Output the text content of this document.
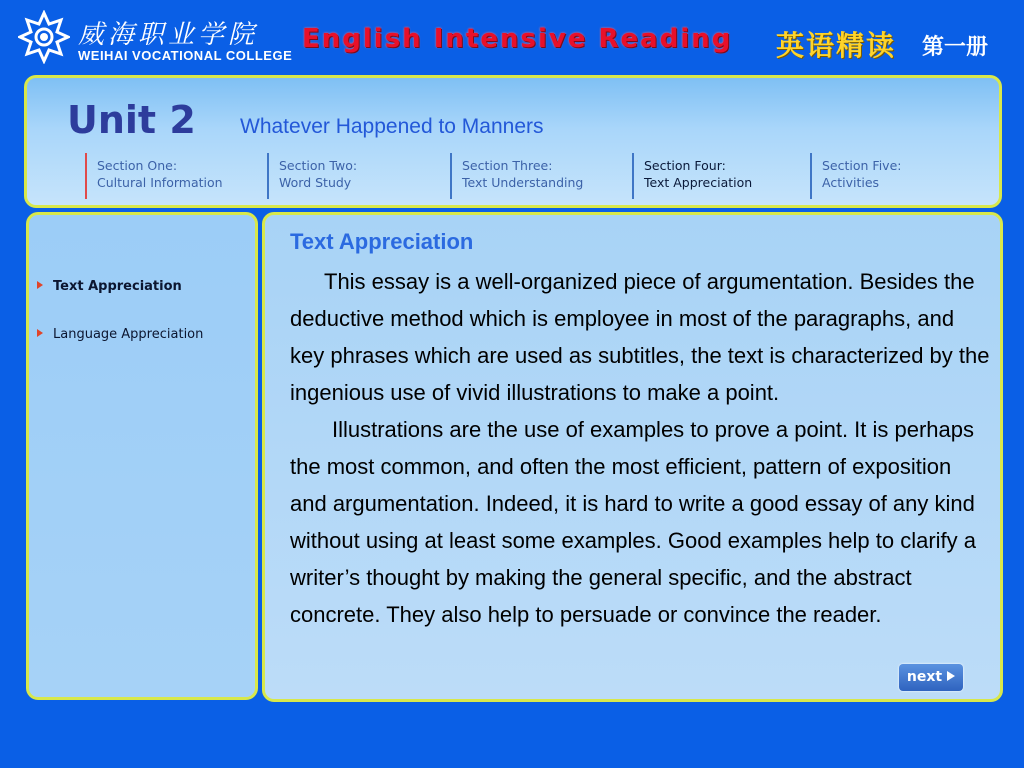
威海职业学院
WEIHAI VOCATIONAL COLLEGE
English Intensive Reading 英语精读 第一册
Unit 2 Whatever Happened to Manners
Section One:
Cultural Information
Section Two:
Word Study
Section Three:
Text Understanding
Section Four:
Text Appreciation
Section Five:
Activities
Text Appreciation
Language Appreciation
Text Appreciation

This essay is a well-organized piece of argumentation. Besides the deductive method which is employee in most of the paragraphs, and key phrases which are used as subtitles, the text is characterized by the ingenious use of vivid illustrations to make a point.

Illustrations are the use of examples to prove a point. It is perhaps the most common, and often the most efficient, pattern of exposition and argumentation. Indeed, it is hard to write a good essay of any kind without using at least some examples. Good examples help to clarify a writer’s thought by making the general specific, and the abstract concrete. They also help to persuade or convince the reader.

next
